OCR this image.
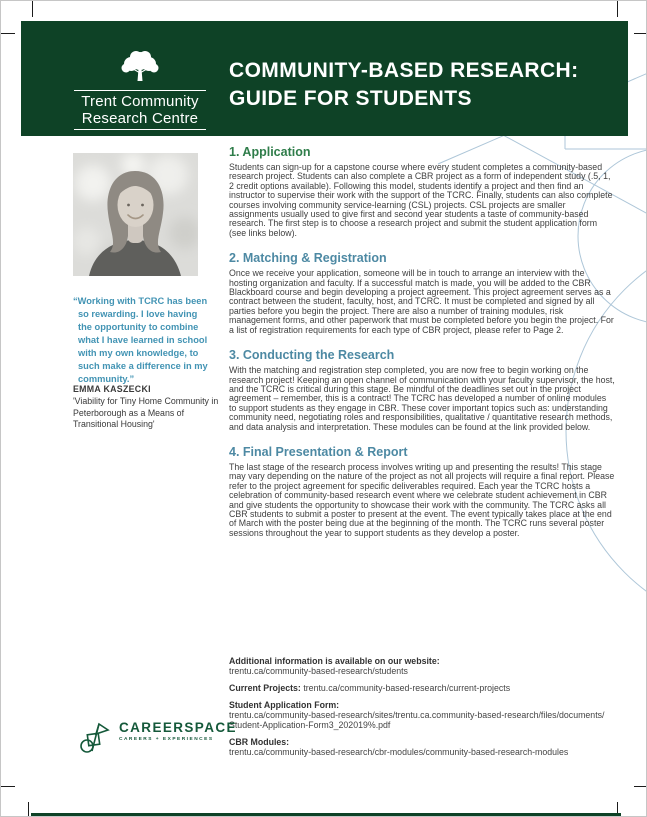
Trent Community
Research Centre
COMMUNITY-BASED RESEARCH:
GUIDE FOR STUDENTS
“Working with TCRC has been so rewarding. I love having the opportunity to combine what I have learned in school with my own knowledge, to such make a difference in my community.”
EMMA KASZECKI
'Viability for Tiny Home Community in Peterborough as a Means of Transitional Housing'
1. Application

Students can sign-up for a capstone course where every student completes a community-based research project. Students can also complete a CBR project as a form of independent study (.5, 1, 2 credit options available). Following this model, students identify a project and then find an instructor to supervise their work with the support of the TCRC. Finally, students can also complete courses involving community service-learning (CSL) projects. CSL projects are smaller assignments usually used to give first and second year students a taste of community-based research. The first step is to choose a research project and submit the student application form (see links below).

2. Matching & Registration

Once we receive your application, someone will be in touch to arrange an interview with the hosting organization and faculty. If a successful match is made, you will be added to the CBR Blackboard course and begin developing a project agreement. This project agreement serves as a contract between the student, faculty, host, and TCRC. It must be completed and signed by all parties before you begin the project. There are also a number of training modules, risk management forms, and other paperwork that must be completed before you begin the project. For a list of registration requirements for each type of CBR project, please refer to Page 2.

3. Conducting the Research

With the matching and registration step completed, you are now free to begin working on the research project! Keeping an open channel of communication with your faculty supervisor, the host, and the TCRC is critical during this stage. Be mindful of the deadlines set out in the project agreement – remember, this is a contract! The TCRC has developed a number of online modules to support students as they engage in CBR. These cover important topics such as: understanding community need, negotiating roles and responsibilities, qualitative / quantitative research methods, and data analysis and interpretation. These modules can be found at the link provided below.

4. Final Presentation & Report

The last stage of the research process involves writing up and presenting the results! This stage may vary depending on the nature of the project as not all projects will require a final report. Please refer to the project agreement for specific deliverables required. Each year the TCRC hosts a celebration of community-based research event where we celebrate student achievement in CBR and give students the opportunity to showcase their work with the community. The TCRC asks all CBR students to submit a poster to present at the event. The event typically takes place at the end of March with the poster being due at the beginning of the month. The TCRC runs several poster sessions throughout the year to support students as they develop a poster.

Additional information is available on our website:
trentu.ca/community-based-research/students
Current Projects: trentu.ca/community-based-research/current-projects
Student Application Form:
trentu.ca/community-based-research/sites/trentu.ca.community-based-research/files/documents/Student-Application-Form3_202019%.pdf
CBR Modules:
trentu.ca/community-based-research/cbr-modules/community-based-research-modules
CAREERSPACE
CAREERS + EXPERIENCES
